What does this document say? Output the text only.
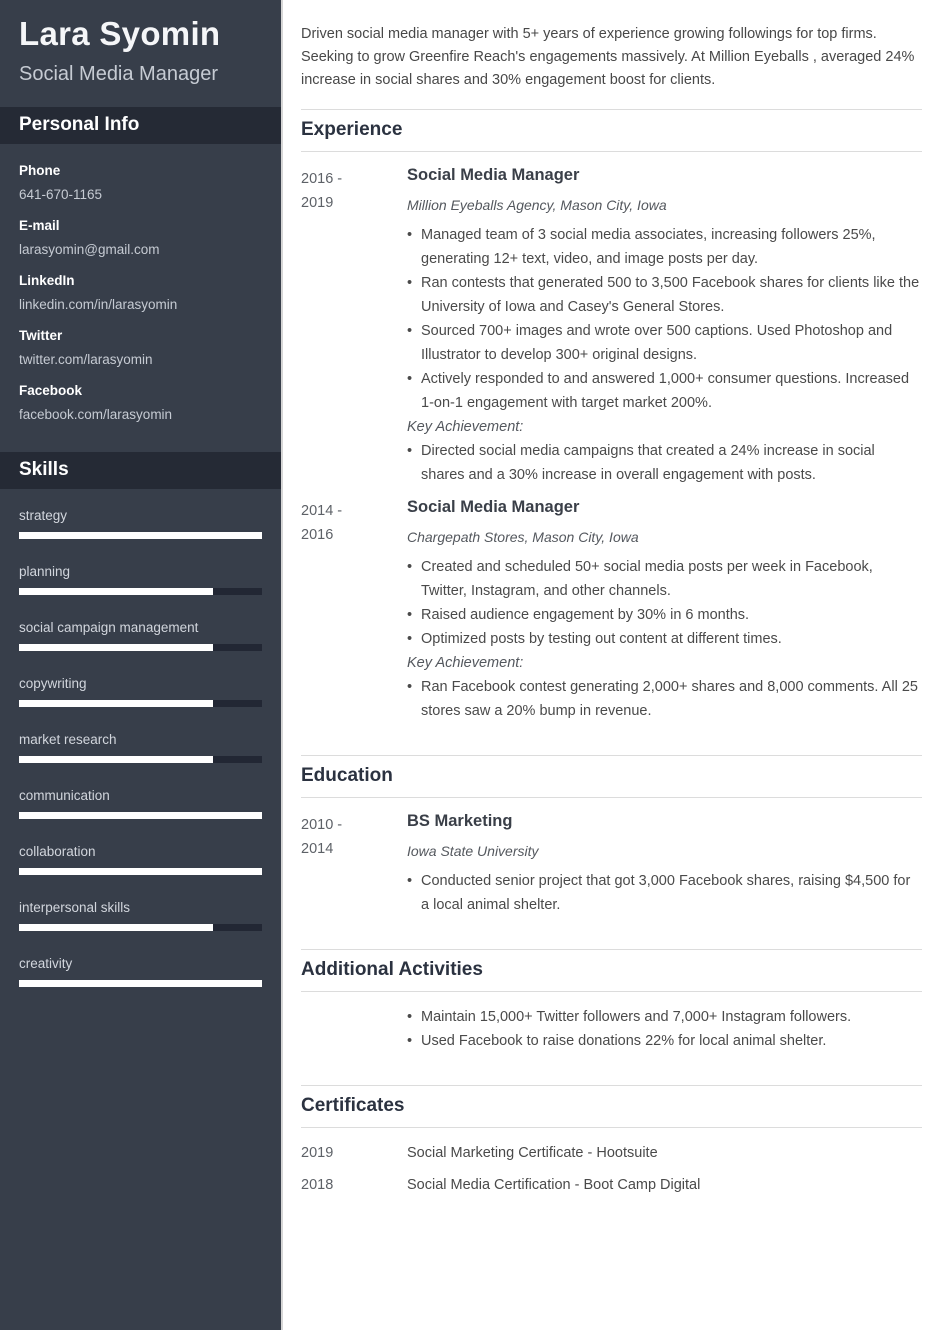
Lara Syomin
Social Media Manager
Personal Info
Phone
641-670-1165
E-mail
larasyomin@gmail.com
LinkedIn
linkedin.com/in/larasyomin
Twitter
twitter.com/larasyomin
Facebook
facebook.com/larasyomin
Skills
strategy
planning
social campaign management
copywriting
market research
communication
collaboration
interpersonal skills
creativity

Driven social media manager with 5+ years of experience growing followings for top firms. Seeking to grow Greenfire Reach's engagements massively. At Million Eyeballs , averaged 24% increase in social shares and 30% engagement boost for clients.

Experience
2016 -
2019
Social Media Manager
Million Eyeballs Agency, Mason City, Iowa
• Managed team of 3 social media associates, increasing followers 25%, generating 12+ text, video, and image posts per day.
• Ran contests that generated 500 to 3,500 Facebook shares for clients like the University of Iowa and Casey's General Stores.
• Sourced 700+ images and wrote over 500 captions. Used Photoshop and Illustrator to develop 300+ original designs.
• Actively responded to and answered 1,000+ consumer questions. Increased 1-on-1 engagement with target market 200%.
Key Achievement:
• Directed social media campaigns that created a 24% increase in social shares and a 30% increase in overall engagement with posts.
2014 -
2016
Social Media Manager
Chargepath Stores, Mason City, Iowa
• Created and scheduled 50+ social media posts per week in Facebook, Twitter, Instagram, and other channels.
• Raised audience engagement by 30% in 6 months.
• Optimized posts by testing out content at different times.
Key Achievement:
• Ran Facebook contest generating 2,000+ shares and 8,000 comments. All 25 stores saw a 20% bump in revenue.
Education
2010 -
2014
BS Marketing
Iowa State University
• Conducted senior project that got 3,000 Facebook shares, raising $4,500 for a local animal shelter.
Additional Activities
• Maintain 15,000+ Twitter followers and 7,000+ Instagram followers.
• Used Facebook to raise donations 22% for local animal shelter.
Certificates
2019	Social Marketing Certificate - Hootsuite
2018	Social Media Certification - Boot Camp Digital
